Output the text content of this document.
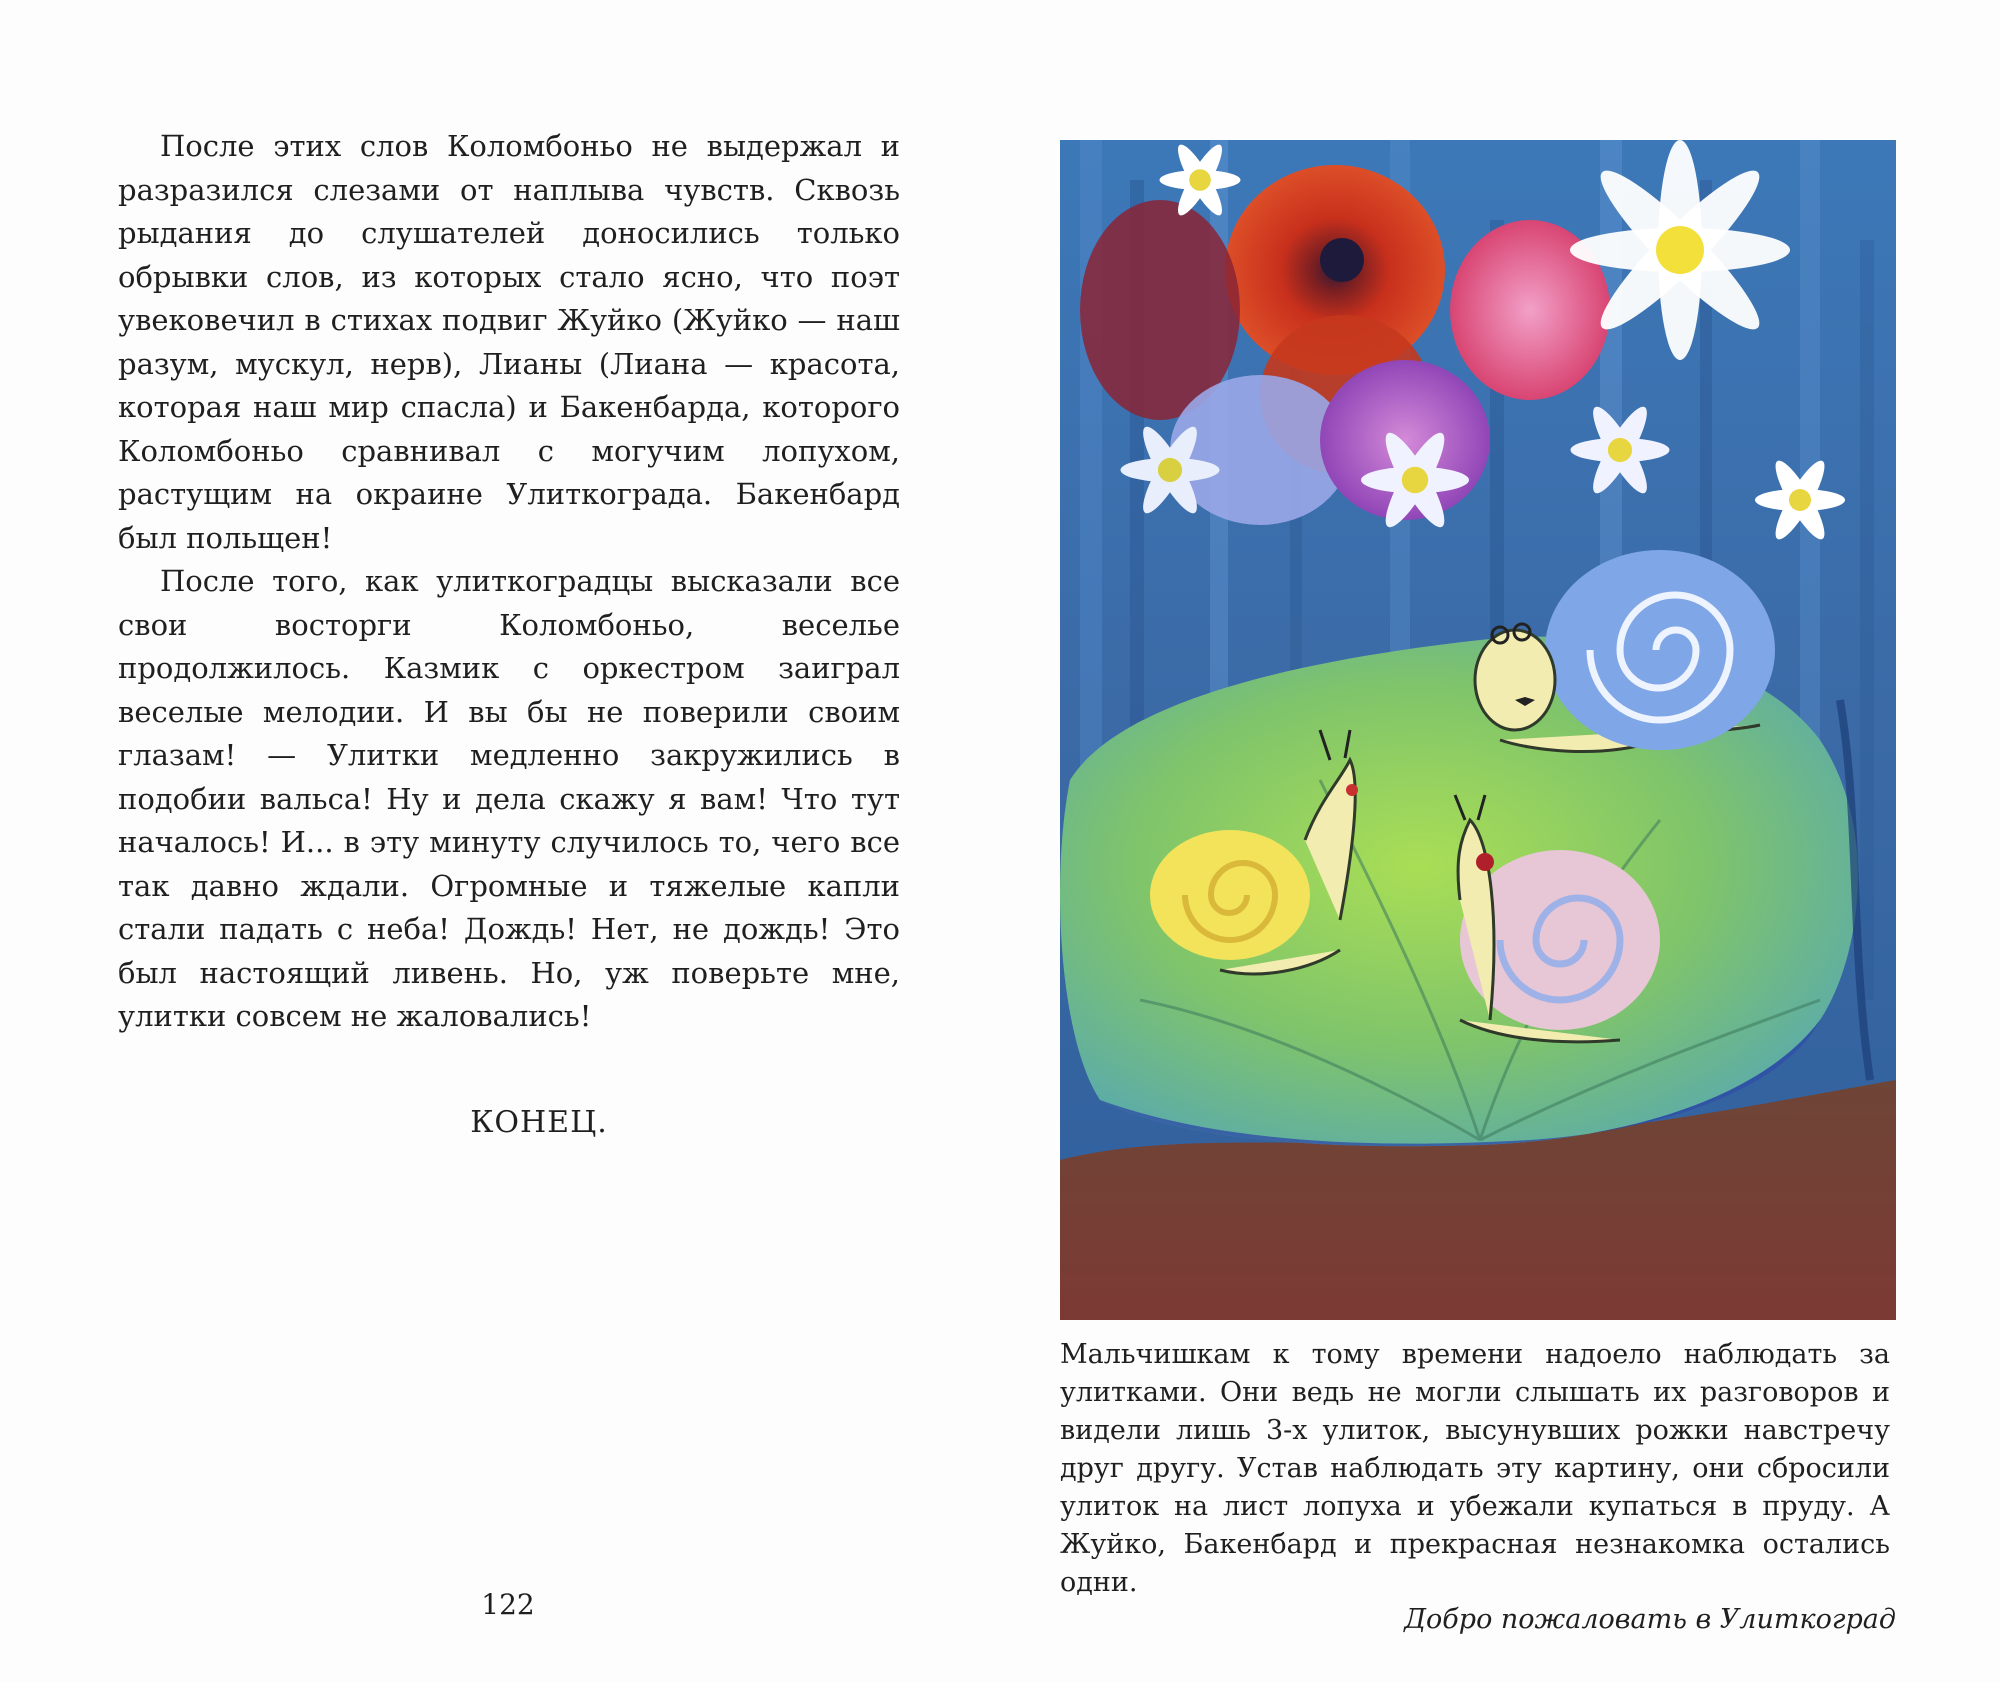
После этих слов Коломбоньо не выдержал и разразился слезами от наплыва чувств. Сквозь рыдания до слушателей доносились только обрывки слов, из которых стало ясно, что поэт увековечил в стихах подвиг Жуйко (Жуйко — наш разум, мускул, нерв), Лианы (Лиана — красота, которая наш мир спасла) и Бакенбарда, которого Коломбоньо сравнивал с могучим лопухом, растущим на окраине Улиткограда. Бакенбард был польщен!

После того, как улиткоградцы высказали все свои восторги Коломбоньо, веселье продолжилось. Казмик с оркестром заиграл веселые мелодии. И вы бы не поверили своим глазам! — Улитки медленно закружились в подобии вальса! Ну и дела скажу я вам! Что тут началось! И... в эту минуту случилось то, чего все так давно ждали. Огромные и тяжелые капли стали падать с неба! Дождь! Нет, не дождь! Это был настоящий ливень. Но, уж поверьте мне, улитки совсем не жаловались!

КОНЕЦ.
122
Мальчишкам к тому времени надоело наблюдать за улитками. Они ведь не могли слышать их разговоров и видели лишь 3-х улиток, высунувших рожки навстречу друг другу. Устав наблюдать эту картину, они сбросили улиток на лист лопуха и убежали купаться в пруду. А Жуйко, Бакенбард и прекрасная незнакомка остались одни.
Добро пожаловать в Улиткоград
